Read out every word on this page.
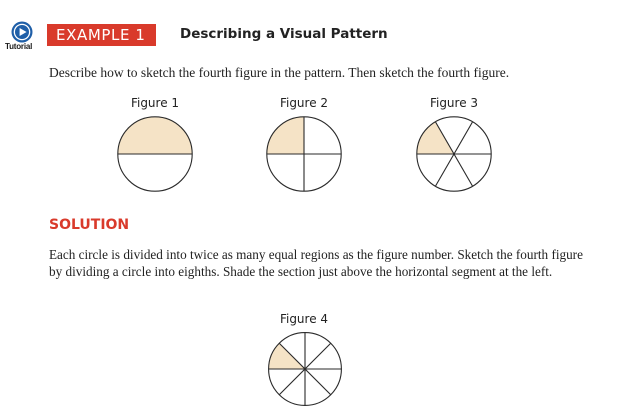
Tutorial
EXAMPLE 1	Describing a Visual Pattern
Describe how to sketch the fourth figure in the pattern. Then sketch the fourth figure.
Figure 1	Figure 2	Figure 3
SOLUTION
Each circle is divided into twice as many equal regions as the figure number. Sketch the fourth figure by dividing a circle into eighths. Shade the section just above the horizontal segment at the left.
Figure 4
